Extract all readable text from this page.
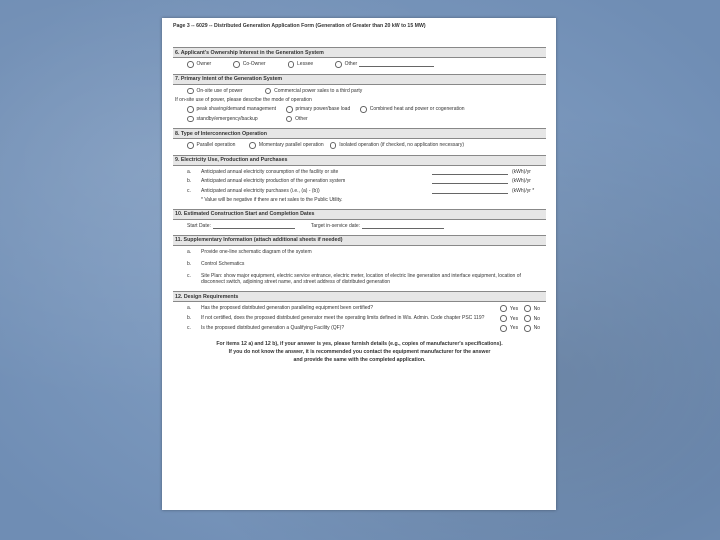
Page 3 -- 6029 -- Distributed Generation Application Form (Generation of Greater than 20 kW to 15 MW)
6. Applicant's Ownership Interest in the Generation System
Owner	Co-Owner	Lessee	Other
7. Primary Intent of the Generation System
On-site use of power	Commercial power sales to a third party
If on-site use of power, please describe the mode of operation
peak shaving/demand management	primary power/base load	Combined heat and power or cogeneration
standby/emergency/backup	Other
8. Type of Interconnection Operation
Parallel operation	Momentary parallel operation	Isolated operation (if checked, no application necessary)
9. Electricity Use, Production and Purchases
a.	Anticipated annual electricity consumption of the facility or site	(kWh)/yr
b.	Anticipated annual electricity production of the generation system	(kWh)/yr
c.	Anticipated annual electricity purchases (i.e., (a) - (b))	(kWh)/yr *
* Value will be negative if there are net sales to the Public Utility.
10. Estimated Construction Start and Completion Dates
Start Date:	Target in-service date:
11. Supplementary Information (attach additional sheets if needed)
a.	Provide one-line schematic diagram of the system
b.	Control Schematics
c.	Site Plan: show major equipment, electric service entrance, electric meter, location of electric line generation and interface equipment, location of disconnect switch, adjoining street name, and street address of distributed generation
12. Design Requirements
a.	Has the proposed distributed generation paralleling equipment been certified?	Yes	No
b.	If not certified, does the proposed distributed generator meet the operating limits defined in Wis. Admin. Code chapter PSC 119?	Yes	No
c.	Is the proposed distributed generation a Qualifying Facility (QF)?	Yes	No
For items 12 a) and 12 b), if your answer is yes, please furnish details (e.g., copies of manufacturer's specifications).
If you do not know the answer, it is recommended you contact the equipment manufacturer for the answer
and provide the same with the completed application.
